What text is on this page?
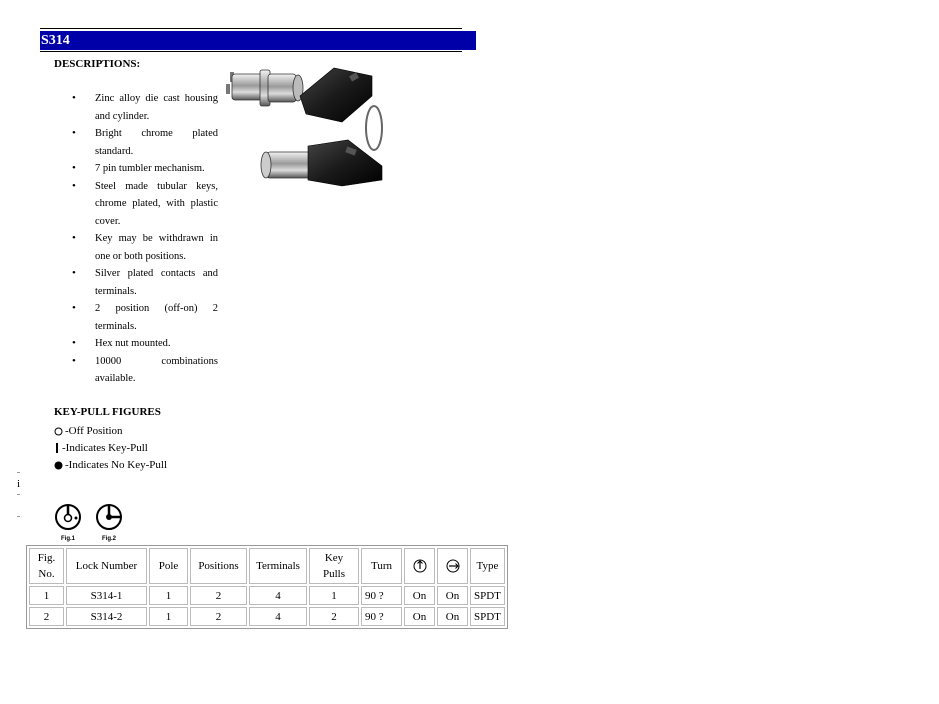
S314
DESCRIPTIONS:
• Zinc alloy die cast housing and cylinder.
• Bright chrome plated standard.
• 7 pin tumbler mechanism.
• Steel made tubular keys, chrome plated, with plastic cover.
• Key may be withdrawn in one or both positions.
• Silver plated contacts and terminals.
• 2 position (off-on) 2 terminals.
• Hex nut mounted.
• 10000 combinations available.
KEY-PULL FIGURES
-Off Position
-Indicates Key-Pull
-Indicates No Key-Pull
i
Fig.1	Fig.2
Fig. No.	Lock Number	Pole	Positions	Terminals	Key Pulls	Turn			Type
1	S314-1	1	2	4	1	90 ?	On	On	SPDT
2	S314-2	1	2	4	2	90 ?	On	On	SPDT
